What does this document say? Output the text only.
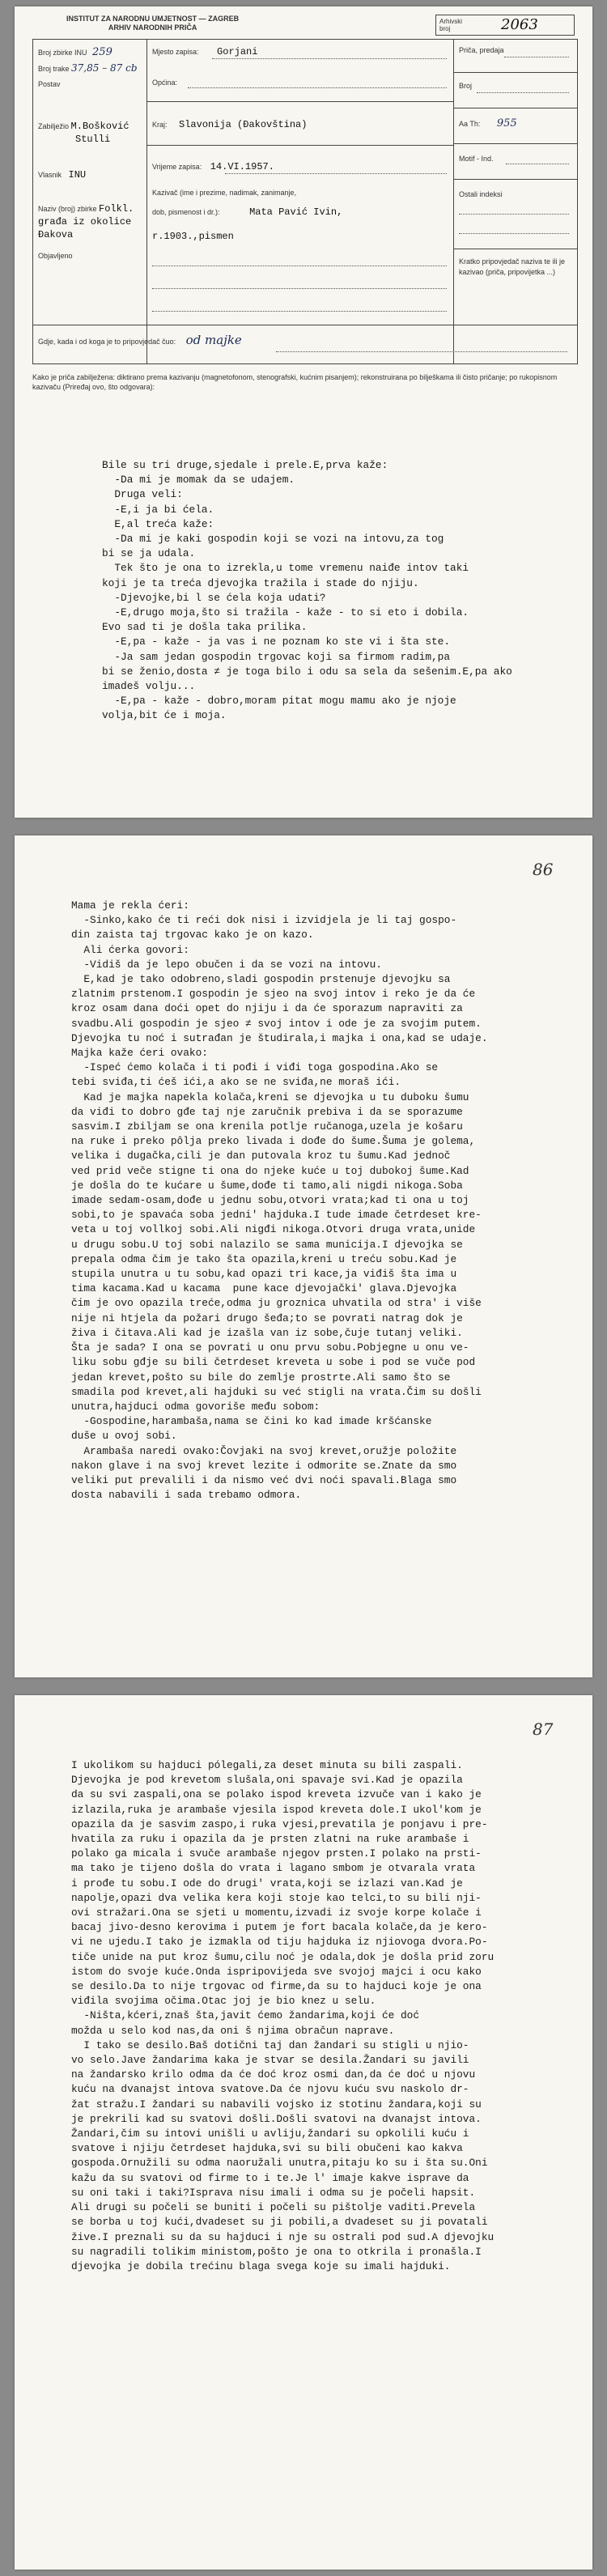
INSTITUT ZA NARODNU UMJETNOST — ZAGREB
ARHIV NARODNIH PRIČA
Arhivski
broj	2063
Broj zbirke INU 259
Broj trake 37,85 – 87 cb
Postav
Zabilježio M.Bošković
Stulli
Vlasnik INU
Naziv (broj) zbirke Folkl.
građa iz okolice
Đakova
Objavljeno
Mjesto zapisa: Gorjani
Općina:
Kraj: Slavonija (Đakovština)
Vrijeme zapisa: 14.VI.1957.
Kazivač (ime i prezime, nadimak, zanimanje,
dob, pismenost i dr.):	Mata Pavić Ivin,
r.1903.,pismen
Priča, predaja
Broj
Aa Th: 955
Motif - Ind.
Ostali indeksi
Kratko pripovjedač naziva te ili je kazivao (priča, pripovijetka ...)
Gdje, kada i od koga je to pripovjedač čuo: od majke
Kako je priča zabilježena: diktirano prema kazivanju (magnetofonom, stenografski, kućnim pisanjem); rekonstruirana po bilješkama ili čisto pričanje; po rukopisnom kazivaču (Priređaj ovo, što odgovara):
Bile su tri druge,sjedale i prele.E,prva kaže:
-Da mi je momak da se udajem.
Druga veli:
-E,i ja bi ćela.
E,al treća kaže:
-Da mi je kaki gospodin koji se vozi na intovu,za tog
bi se ja udala.
Tek što je ona to izrekla,u tome vremenu naiđe intov taki
koji je ta treća djevojka tražila i stade do njiju.
-Djevojke,bi l se ćela koja udati?
-E,drugo moja,što si tražila - kaže - to si eto i dobila.
Evo sad ti je došla taka prilika.
-E,pa - kaže - ja vas i ne poznam ko ste vi i šta ste.
-Ja sam jedan gospodin trgovac koji sa firmom radim,pa
bi se ženio,dosta ≠ je toga bilo i odu sa sela da sešenim.E,pa ako
imadeš volju...
-E,pa - kaže - dobro,moram pitat mogu mamu ako je njoje
volja,bit će i moja.
86
Mama je rekla ćeri:
-Sinko,kako će ti reći dok nisi i izvidjela je li taj gospo-
din zaista taj trgovac kako je on kazo.
Ali ćerka govori:
-Vidiš da je lepo obučen i da se vozi na intovu.
E,kad je tako odobreno,sladi gospodin prstenuje djevojku sa
zlatnim prstenom.I gospodin je sjeo na svoj intov i reko je da će
kroz osam dana doći opet do njiju i da će sporazum napraviti za
svadbu.Ali gospodin je sjeo ≠ svoj intov i ode je za svojim putem.
Djevojka tu noć i sutrađan je študirala,i majka i ona,kad se udaje.
Majka kaže ćeri ovako:
-Ispeć ćemo kolača i ti pođi i viđi toga gospodina.Ako se
tebi sviđa,ti ćeš ići,a ako se ne sviđa,ne moraš ići.
Kad je majka napekla kolača,kreni se djevojka u tu duboku šumu
da viđi to dobro gđe taj nje zaručnik prebiva i da se sporazume
sasvim.I zbiljam se ona krenila potlje ručanoga,uzela je košaru
na ruke i preko pôlja preko livada i dođe do šume.Šuma je golema,
velika i dugačka,cili je dan putovala kroz tu šumu.Kad jednoč
ved prid veče stigne ti ona do njeke kuće u toj dubokoj šume.Kad
je došla do te kućare u šume,dođe ti tamo,ali nigdi nikoga.Soba
imade sedam-osam,dođe u jednu sobu,otvori vrata;kad ti ona u toj
sobi,to je spavaća soba jedni' hajduka.I tude imade četrdeset kre-
veta u toj vollkoj sobi.Ali nigđi nikoga.Otvori druga vrata,unide
u drugu sobu.U toj sobi nalazilo se sama municija.I djevojka se
prepala odma čim je tako šta opazila,kreni u treću sobu.Kad je
stupila unutra u tu sobu,kad opazi tri kace,ja viđiš šta ima u
tima kacama.Kad u kacama  pune kace djevojački' glava.Djevojka
čim je ovo opazila treće,odma ju groznica uhvatila od stra' i više
nije ni htjela da požari drugo šeđa;to se povrati natrag dok je
živa i čitava.Ali kad je izašla van iz sobe,čuje tutanj veliki.
Šta je sada? I ona se povrati u onu prvu sobu.Pobjegne u onu ve-
liku sobu gđje su bili četrdeset kreveta u sobe i pod se vuče pod
jedan krevet,pošto su bile do zemlje prostrte.Ali samo što se
smadila pod krevet,ali hajduki su već stigli na vrata.Čim su došli
unutra,hajduci odma govoriše među sobom:
-Gospodine,harambaša,nama se čini ko kad imade kršćanske
duše u ovoj sobi.
Arambaša naredi ovako:Čovjaki na svoj krevet,oružje položite
nakon glave i na svoj krevet lezite i odmorite se.Znate da smo
veliki put prevalili i da nismo već dvi noći spavali.Blaga smo
dosta nabavili i sada trebamo odmora.
87
I ukolikom su hajduci pólegali,za deset minuta su bili zaspali.
Djevojka je pod krevetom slušala,oni spavaje svi.Kad je opazila
da su svi zaspali,ona se polako ispod kreveta izvuče van i kako je
izlazila,ruka je arambaše vjesila ispod kreveta dole.I ukol'kom je
opazila da je sasvim zaspo,i ruka vjesi,prevatila je ponjavu i pre-
hvatila za ruku i opazila da je prsten zlatni na ruke arambaše i
polako ga micala i svuče arambaše njegov prsten.I polako na prsti-
ma tako je tijeno došla do vrata i lagano smbom je otvarala vrata
i prođe tu sobu.I ode do drugi' vrata,koji se izlazi van.Kad je
napolje,opazi dva velika kera koji stoje kao telci,to su bili nji-
ovi stražari.Ona se sjeti u momentu,izvadi iz svoje korpe kolače i
bacaj jivo-desno kerovima i putem je fort bacala kolače,da je kero-
vi ne ujedu.I tako je izmakla od tiju hajduka iz njiovoga dvora.Po-
tiče unide na put kroz šumu,cilu noć je odala,dok je došla prid zoru
istom do svoje kuće.Onda ispripovijeda sve svojoj majci i ocu kako
se desilo.Da to nije trgovac od firme,da su to hajduci koje je ona
viđila svojima očima.Otac joj je bio knez u selu.
-Ništa,kćeri,znaš šta,javit ćemo žandarima,koji će doć
možda u selo kod nas,da oni š njima obračun naprave.
I tako se desilo.Baš dotični taj dan žandari su stigli u njio-
vo selo.Jave žandarima kaka je stvar se desila.Žandari su javili
na žandarsko krilo odma da će doć kroz osmi dan,da će doć u njovu
kuću na dvanajst intova svatove.Da će njovu kuću svu naskolo dr-
žat stražu.I žandari su nabavili vojsko iz stotinu žandara,koji su
je prekrili kad su svatovi došli.Došli svatovi na dvanajst intova.
Žandari,čim su intovi unišli u avliju,žandari su opkolili kuću i
svatove i njiju četrdeset hajduka,svi su bili obučeni kao kakva
gospoda.Ornužili su odma naoružali unutra,pitaju ko su i šta su.Oni
kažu da su svatovi od firme to i te.Je l' imaje kakve isprave da
su oni taki i taki?Isprava nisu imali i odma su je počeli hapsit.
Ali drugi su počeli se buniti i počeli su pištolje vaditi.Prevela
se borba u toj kući,dvadeset su ji pobili,a dvadeset su ji povatali
žive.I preznali su da su hajduci i nje su ostrali pod sud.A djevojku
su nagradili tolikim ministom,pošto je ona to otkrila i pronašla.I
djevojka je dobila trećinu blaga svega koje su imali hajduki.
